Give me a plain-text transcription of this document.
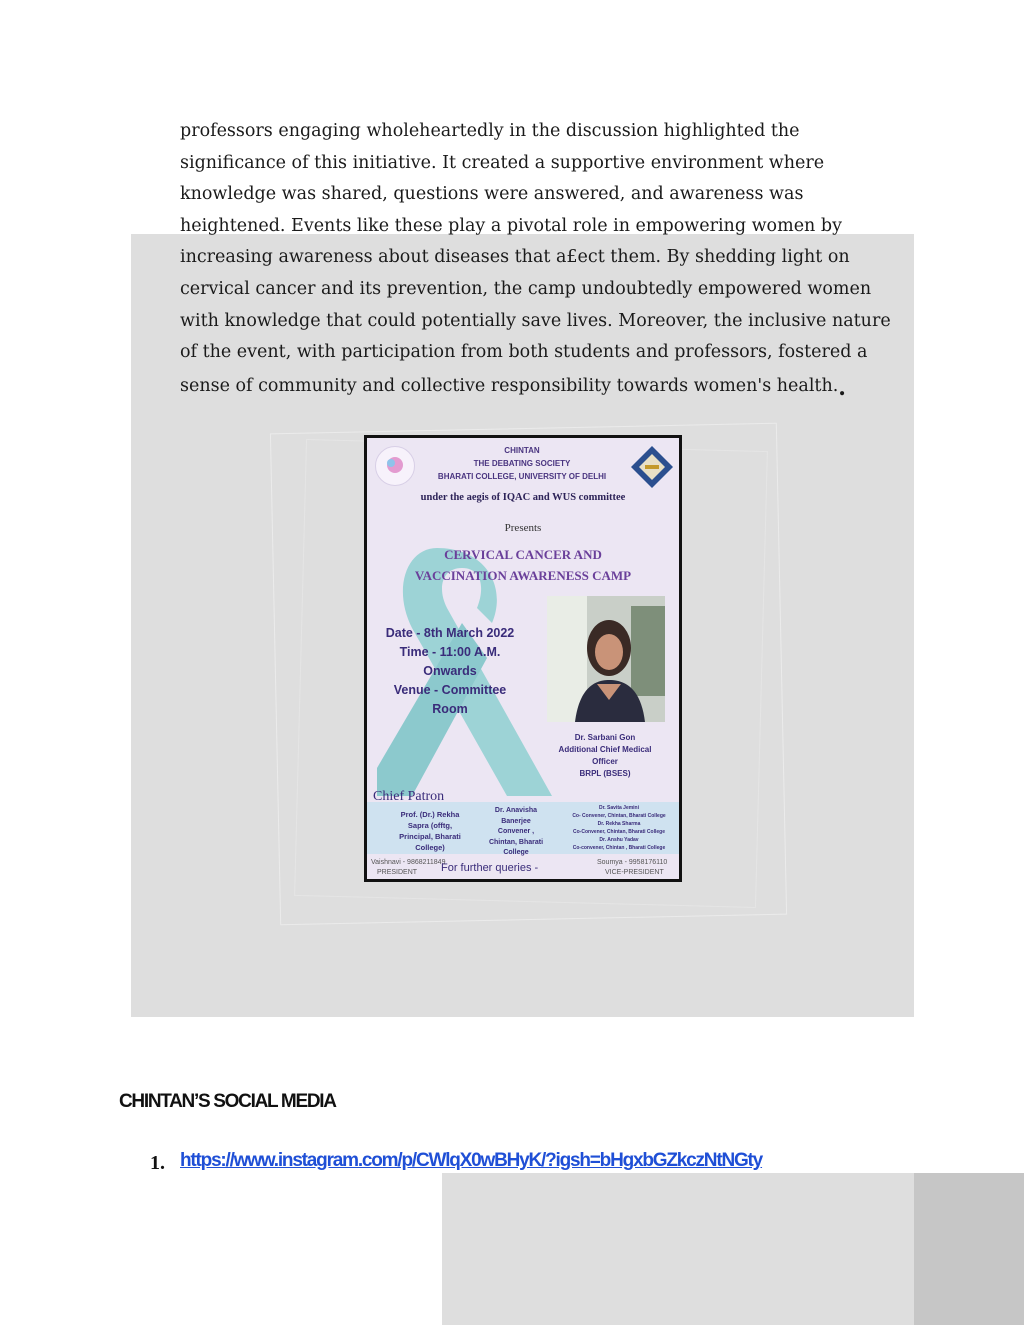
professors engaging wholeheartedly in the discussion highlighted the
significance of this initiative. It created a supportive environment where
knowledge was shared, questions were answered, and awareness was
heightened. Events like these play a pivotal role in empowering women by
increasing awareness about diseases that a£ect them. By shedding light on
cervical cancer and its prevention, the camp undoubtedly empowered women
with knowledge that could potentially save lives. Moreover, the inclusive nature
of the event, with participation from both students and professors, fostered a
sense of community and collective responsibility towards women's health..
CHINTAN
THE DEBATING SOCIETY
BHARATI COLLEGE, UNIVERSITY OF DELHI
under the aegis of IQAC and WUS committee
Presents
CERVICAL CANCER AND
VACCINATION AWARENESS CAMP
Date - 8th March 2022
Time - 11:00 A.M.
Onwards
Venue - Committee
Room
Dr. Sarbani Gon
Additional Chief Medical
Officer
BRPL (BSES)
Chief Patron
Prof. (Dr.) Rekha
Sapra (offtg,
Principal, Bharati
College)
Dr. Anavisha
Banerjee
Convener ,
Chintan, Bharati
College
Dr. Savita Jemini
Co- Convener, Chintan, Bharati College
Dr. Rekha Sharma
Co-Convener, Chintan, Bharati College
Dr. Anshu Yadav
Co-convener, Chintan , Bharati College
Vaishnavi - 9868211849
PRESIDENT	For further queries -	Soumya - 9958176110
VICE-PRESIDENT
CHINTAN’S SOCIAL MEDIA
1. https://www.instagram.com/p/CWlqX0wBHyK/?igsh=bHgxbGZkczNtNGty
